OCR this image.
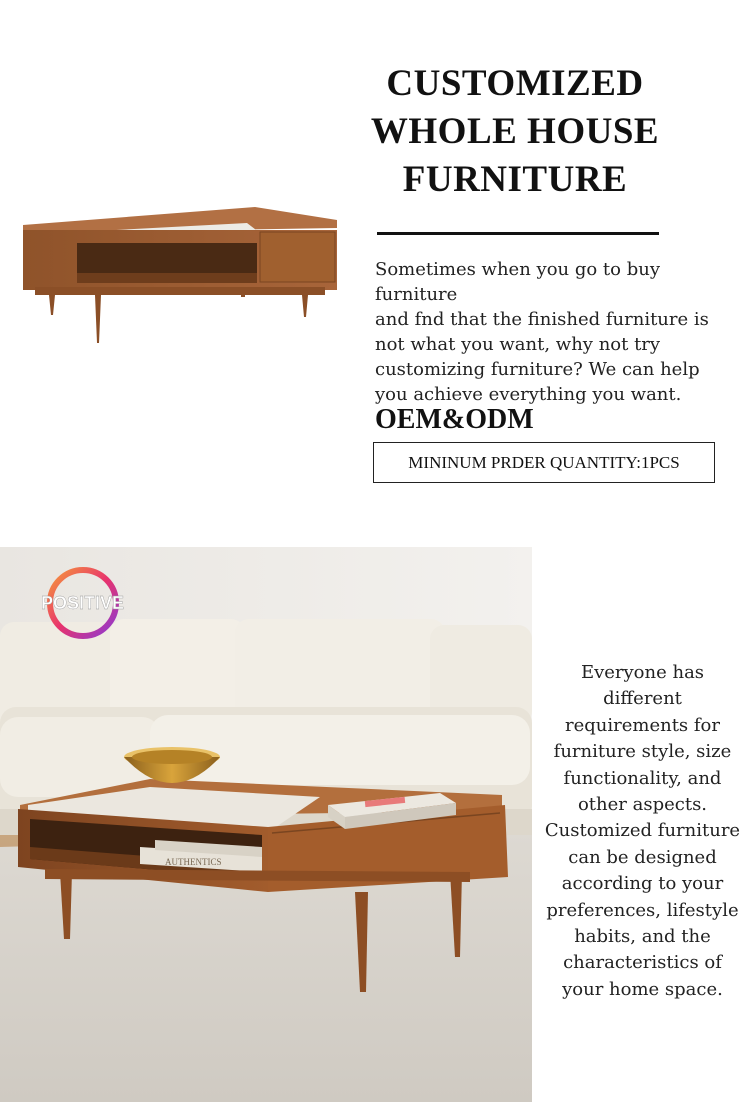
CUSTOMIZED
WHOLE HOUSE
FURNITURE
Sometimes when you go to buy furniture
and fnd that the finished furniture is
not what you want, why not try
customizing furniture? We can help
you achieve everything you want.
OEM&ODM
MININUM PRDER QUANTITY:1PCS
AUTHENTICS
POSITIVE
Everyone has
different
requirements for
furniture style, size
functionality, and
other aspects.
Customized furniture
can be designed
according to your
preferences, lifestyle
habits, and the
characteristics of
your home space.
